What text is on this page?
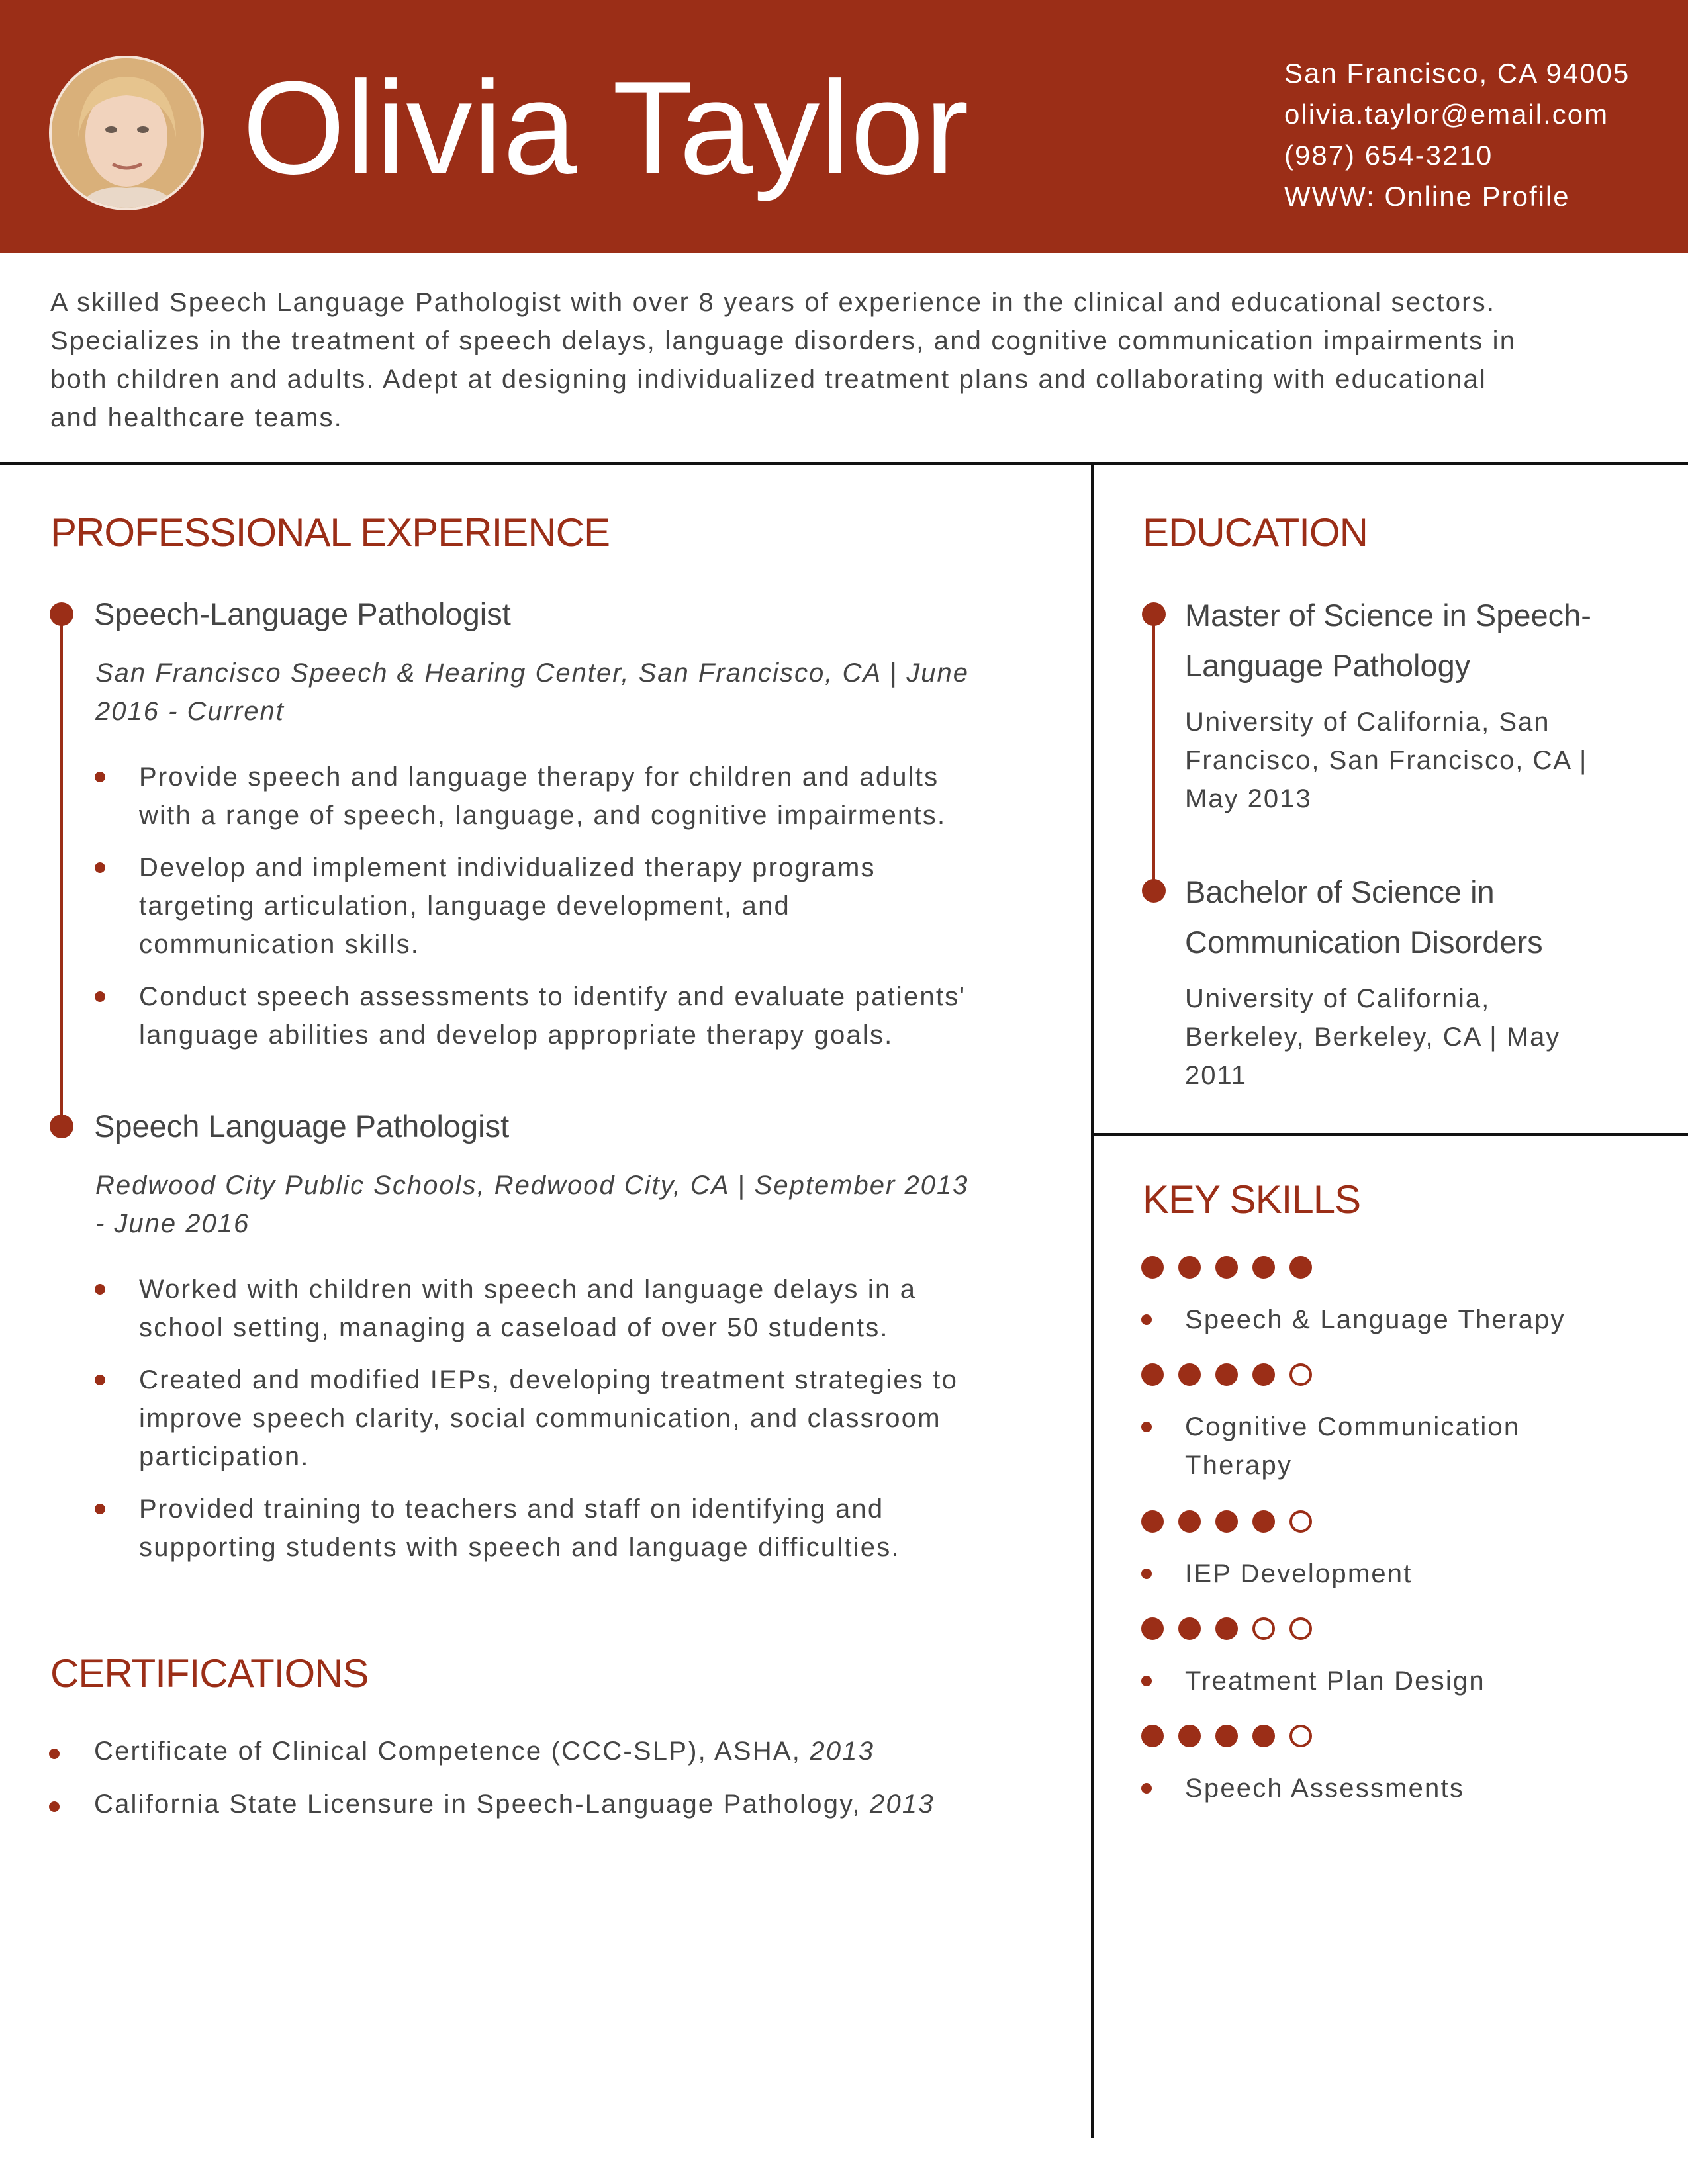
Olivia Taylor	San Francisco, CA 94005
olivia.taylor@email.com
(987) 654-3210
WWW: Online Profile
A skilled Speech Language Pathologist with over 8 years of experience in the clinical and educational sectors.
Specializes in the treatment of speech delays, language disorders, and cognitive communication impairments in
both children and adults. Adept at designing individualized treatment plans and collaborating with educational
and healthcare teams.
PROFESSIONAL EXPERIENCE
Speech-Language Pathologist
San Francisco Speech & Hearing Center, San Francisco, CA | June
2016 - Current
Provide speech and language therapy for children and adults
with a range of speech, language, and cognitive impairments.
Develop and implement individualized therapy programs
targeting articulation, language development, and
communication skills.
Conduct speech assessments to identify and evaluate patients'
language abilities and develop appropriate therapy goals.
Speech Language Pathologist
Redwood City Public Schools, Redwood City, CA | September 2013
- June 2016
Worked with children with speech and language delays in a
school setting, managing a caseload of over 50 students.
Created and modified IEPs, developing treatment strategies to
improve speech clarity, social communication, and classroom
participation.
Provided training to teachers and staff on identifying and
supporting students with speech and language difficulties.
CERTIFICATIONS
Certificate of Clinical Competence (CCC-SLP), ASHA, 2013
California State Licensure in Speech-Language Pathology, 2013
EDUCATION
Master of Science in Speech-
Language Pathology
University of California, San
Francisco, San Francisco, CA |
May 2013
Bachelor of Science in
Communication Disorders
University of California,
Berkeley, Berkeley, CA | May
2011
KEY SKILLS
Speech & Language Therapy
Cognitive Communication
Therapy
IEP Development
Treatment Plan Design
Speech Assessments
